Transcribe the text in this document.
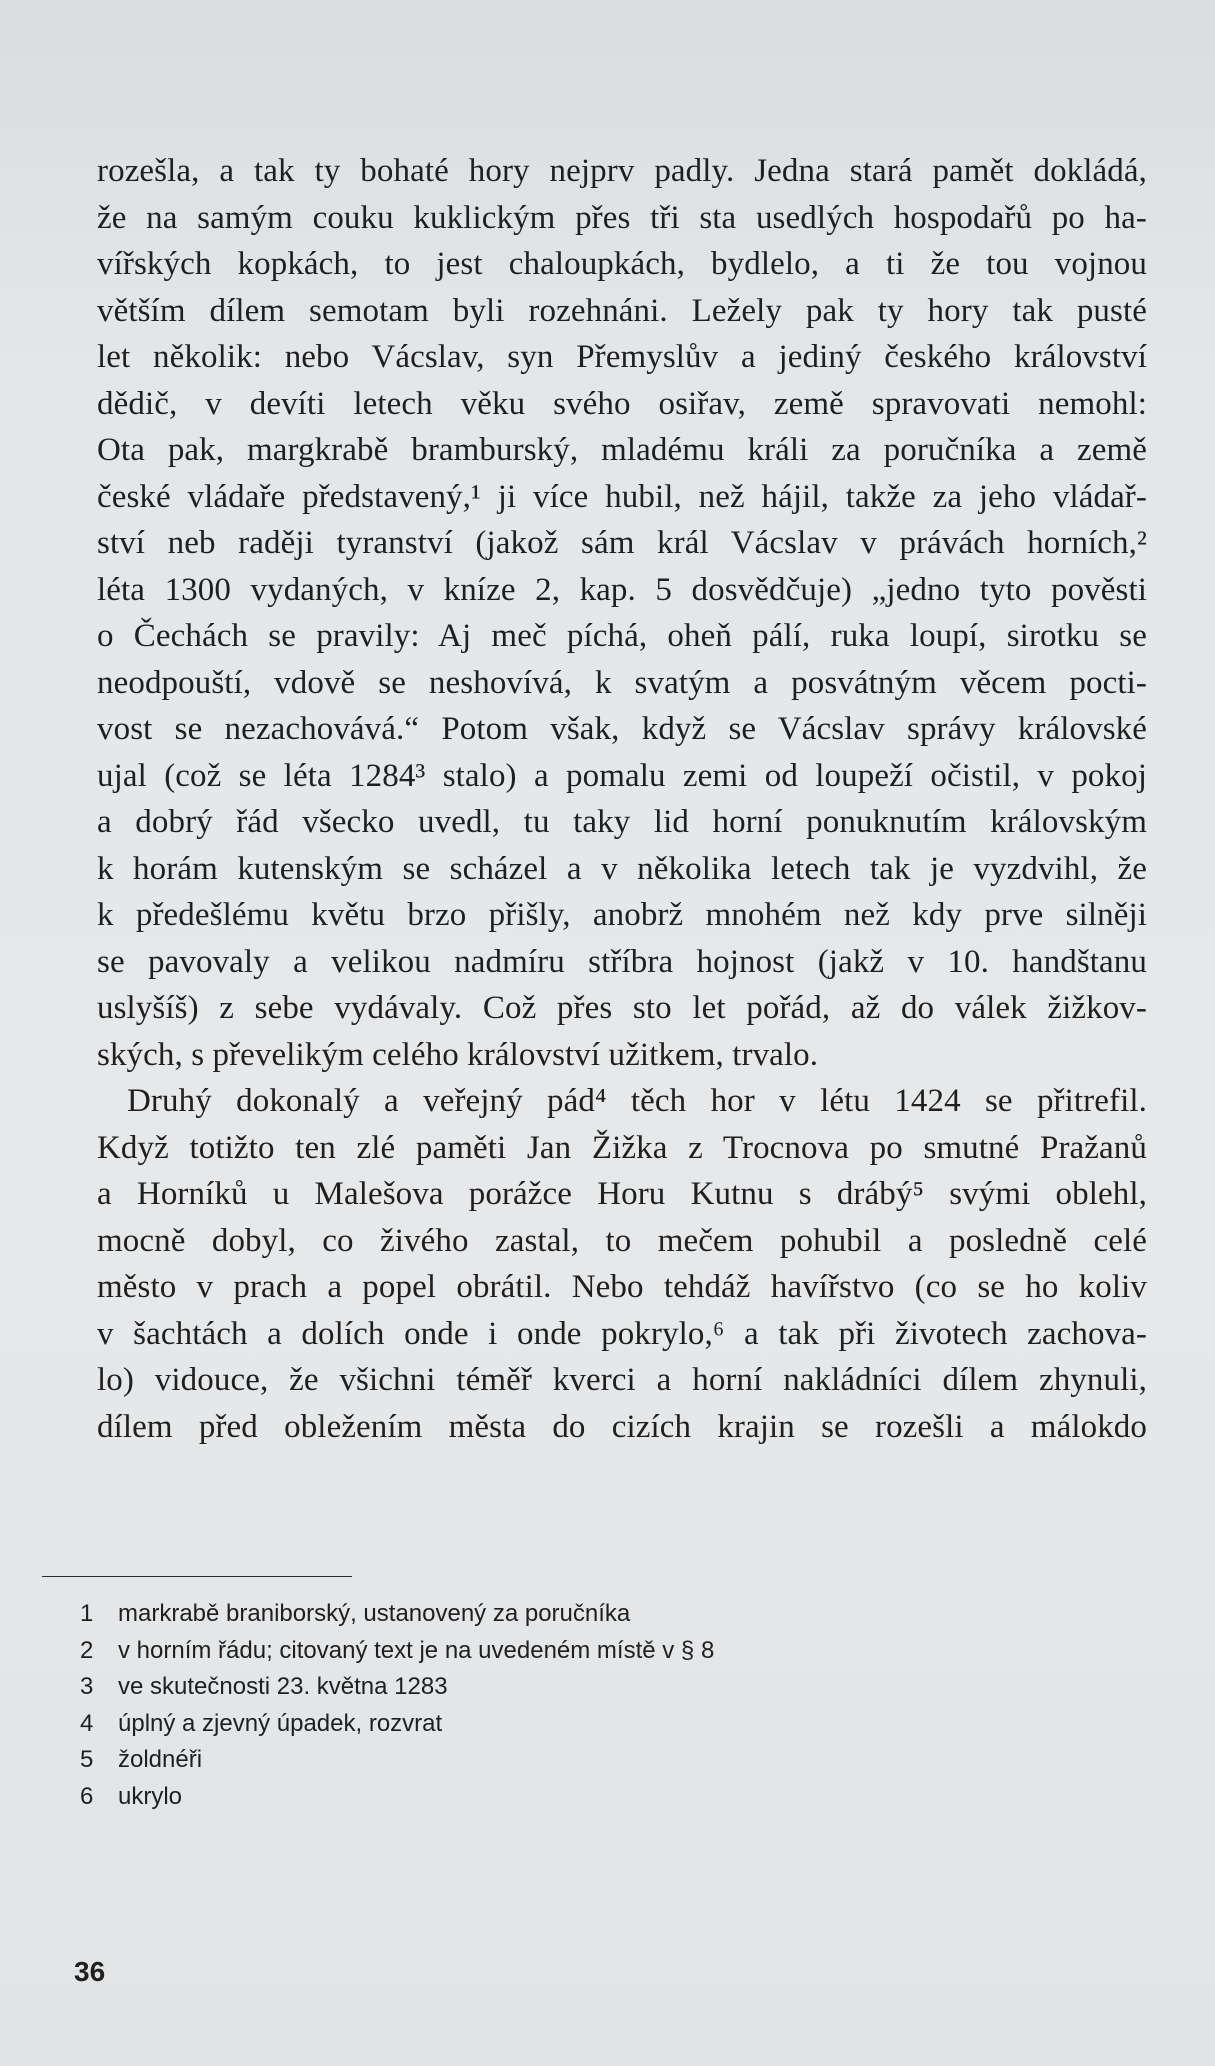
rozešla, a tak ty bohaté hory nejprv padly. Jedna stará pamět dokládá,
že na samým couku kuklickým přes tři sta usedlých hospodařů po ha-
vířských kopkách, to jest chaloupkách, bydlelo, a ti že tou vojnou
větším dílem semotam byli rozehnáni. Ležely pak ty hory tak pusté
let několik: nebo Vácslav, syn Přemyslův a jediný českého království
dědič, v devíti letech věku svého osiřav, země spravovati nemohl:
Ota pak, margkrabě bramburský, mladému králi za poručníka a země
české vládaře představený,¹ ji více hubil, než hájil, takže za jeho vládař-
ství neb raději tyranství (jakož sám král Vácslav v právách horních,²
léta 1300 vydaných, v kníze 2, kap. 5 dosvědčuje) „jedno tyto pověsti
o Čechách se pravily: Aj meč píchá, oheň pálí, ruka loupí, sirotku se
neodpouští, vdově se neshovívá, k svatým a posvátným věcem pocti-
vost se nezachovává.“ Potom však, když se Vácslav správy královské
ujal (což se léta 1284³ stalo) a pomalu zemi od loupeží očistil, v pokoj
a dobrý řád všecko uvedl, tu taky lid horní ponuknutím královským
k horám kutenským se scházel a v několika letech tak je vyzdvihl, že
k předešlému květu brzo přišly, anobrž mnohém než kdy prve silněji
se pavovaly a velikou nadmíru stříbra hojnost (jakž v 10. handštanu
uslyšíš) z sebe vydávaly. Což přes sto let pořád, až do válek žižkov-
ských, s převelikým celého království užitkem, trvalo.
Druhý dokonalý a veřejný pád⁴ těch hor v létu 1424 se přitrefil.
Když totižto ten zlé paměti Jan Žižka z Trocnova po smutné Pražanů
a Horníků u Malešova porážce Horu Kutnu s drábý⁵ svými oblehl,
mocně dobyl, co živého zastal, to mečem pohubil a posledně celé
město v prach a popel obrátil. Nebo tehdáž havířstvo (co se ho koliv
v šachtách a dolích onde i onde pokrylo,⁶ a tak při životech zachova-
lo) vidouce, že všichni téměř kverci a horní nakládníci dílem zhynuli,
dílem před obležením města do cizích krajin se rozešli a málokdo
1	markrabě braniborský, ustanovený za poručníka
2	v horním řádu; citovaný text je na uvedeném místě v § 8
3	ve skutečnosti 23. května 1283
4	úplný a zjevný úpadek, rozvrat
5	žoldnéři
6	ukrylo
36
